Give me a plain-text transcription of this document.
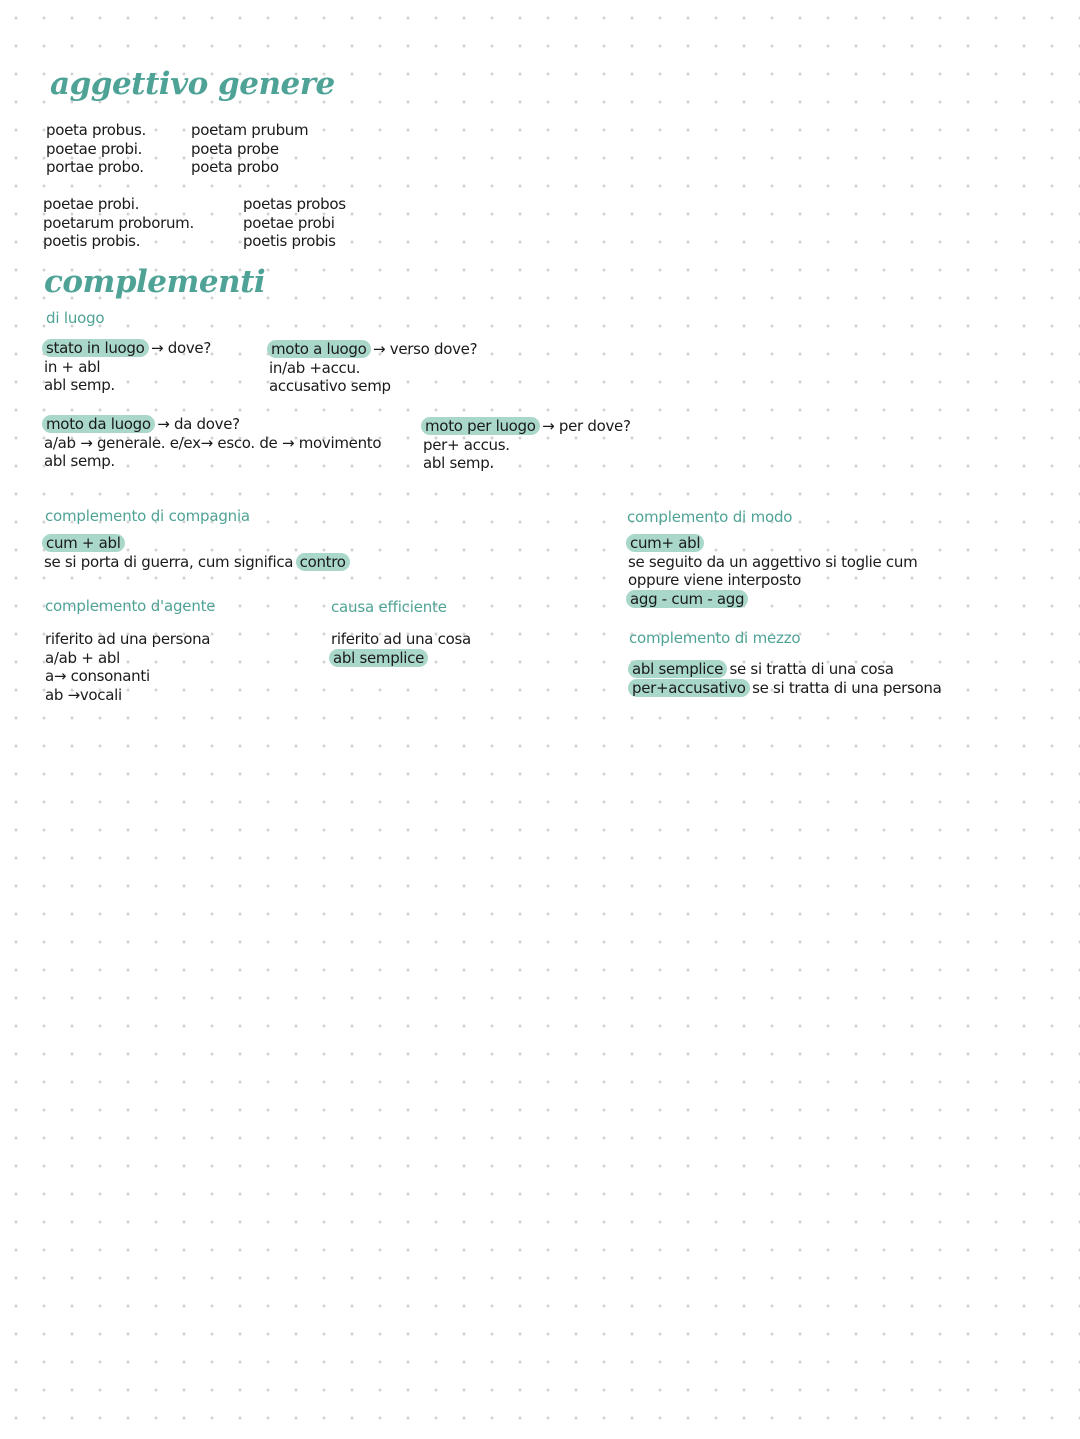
aggettivo genere
complementi
poeta probus.
poetae probi.
portae probo.
poetam prubum
poeta probe
poeta probo
poetae probi.
poetarum proborum.
poetis probis.
poetas probos
poetae probi
poetis probis
di luogo
stato in luogo → dove?
in + abl
abl semp.
moto a luogo → verso dove?
in/ab +accu.
accusativo semp
moto da luogo → da dove?
a/ab → generale. e/ex→ esco. de → movimento
abl semp.
moto per luogo → per dove?
per+ accus.
abl semp.
complemento di compagnia
cum + abl
se si porta di guerra, cum significa contro
complemento d'agente
riferito ad una persona
a/ab + abl
a→ consonanti
ab →vocali
causa efficiente
riferito ad una cosa
abl semplice
complemento di modo
cum+ abl
se seguito da un aggettivo si toglie cum
oppure viene interposto
agg - cum - agg
complemento di mezzo
abl semplice se si tratta di una cosa
per+accusativo se si tratta di una persona
